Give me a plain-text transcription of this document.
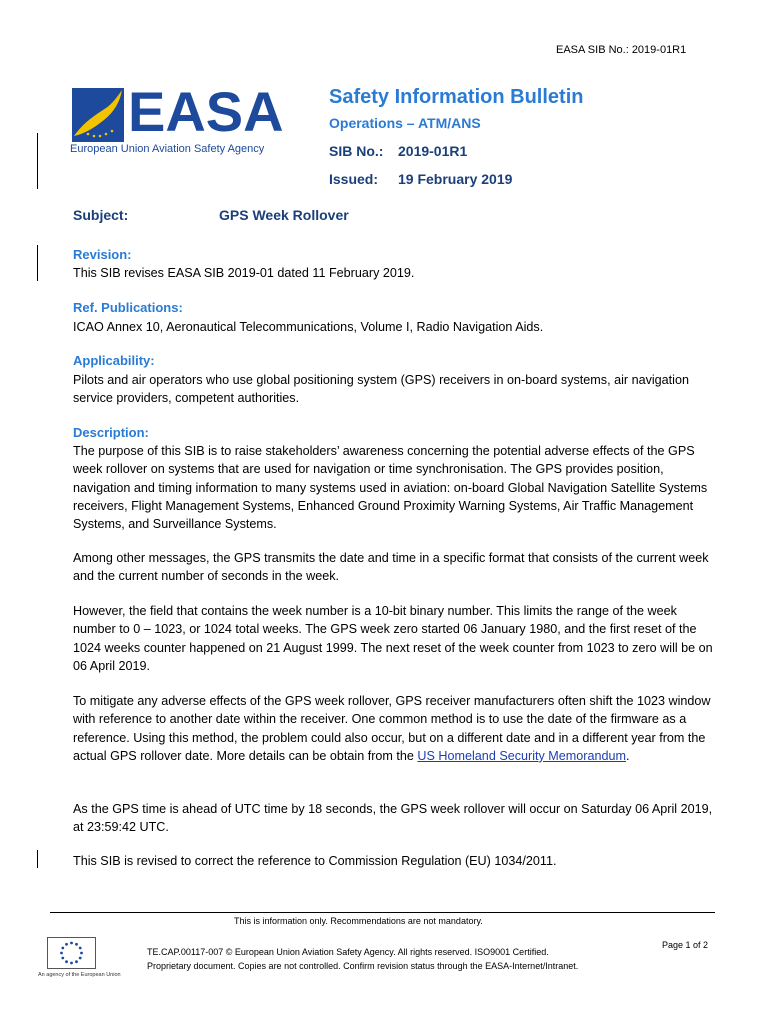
EASA SIB No.: 2019-01R1
EASA
European Union Aviation Safety Agency
Safety Information Bulletin
Operations – ATM/ANS
SIB No.: 2019-01R1
Issued: 19 February 2019
Subject:	GPS Week Rollover
Revision:
This SIB revises EASA SIB 2019-01 dated 11 February 2019.
Ref. Publications:
ICAO Annex 10, Aeronautical Telecommunications, Volume I, Radio Navigation Aids.
Applicability:
Pilots and air operators who use global positioning system (GPS) receivers in on-board systems, air navigation service providers, competent authorities.
Description:
The purpose of this SIB is to raise stakeholders’ awareness concerning the potential adverse effects of the GPS week rollover on systems that are used for navigation or time synchronisation. The GPS provides position, navigation and timing information to many systems used in aviation: on-board Global Navigation Satellite Systems receivers, Flight Management Systems, Enhanced Ground Proximity Warning Systems, Air Traffic Management Systems, and Surveillance Systems.
Among other messages, the GPS transmits the date and time in a specific format that consists of the current week and the current number of seconds in the week.
However, the field that contains the week number is a 10-bit binary number. This limits the range of the week number to 0 – 1023, or 1024 total weeks. The GPS week zero started 06 January 1980, and the first reset of the 1024 weeks counter happened on 21 August 1999. The next reset of the week counter from 1023 to zero will be on 06 April 2019.
To mitigate any adverse effects of the GPS week rollover, GPS receiver manufacturers often shift the 1023 window with reference to another date within the receiver. One common method is to use the date of the firmware as a reference. Using this method, the problem could also occur, but on a different date and in a different year from the actual GPS rollover date. More details can be obtain from the US Homeland Security Memorandum.
As the GPS time is ahead of UTC time by 18 seconds, the GPS week rollover will occur on Saturday 06 April 2019, at 23:59:42 UTC.
This SIB is revised to correct the reference to Commission Regulation (EU) 1034/2011.
This is information only. Recommendations are not mandatory.
An agency of the European Union
TE.CAP.00117-007 © European Union Aviation Safety Agency. All rights reserved. ISO9001 Certified.
Proprietary document. Copies are not controlled. Confirm revision status through the EASA-Internet/Intranet.
Page 1 of 2
